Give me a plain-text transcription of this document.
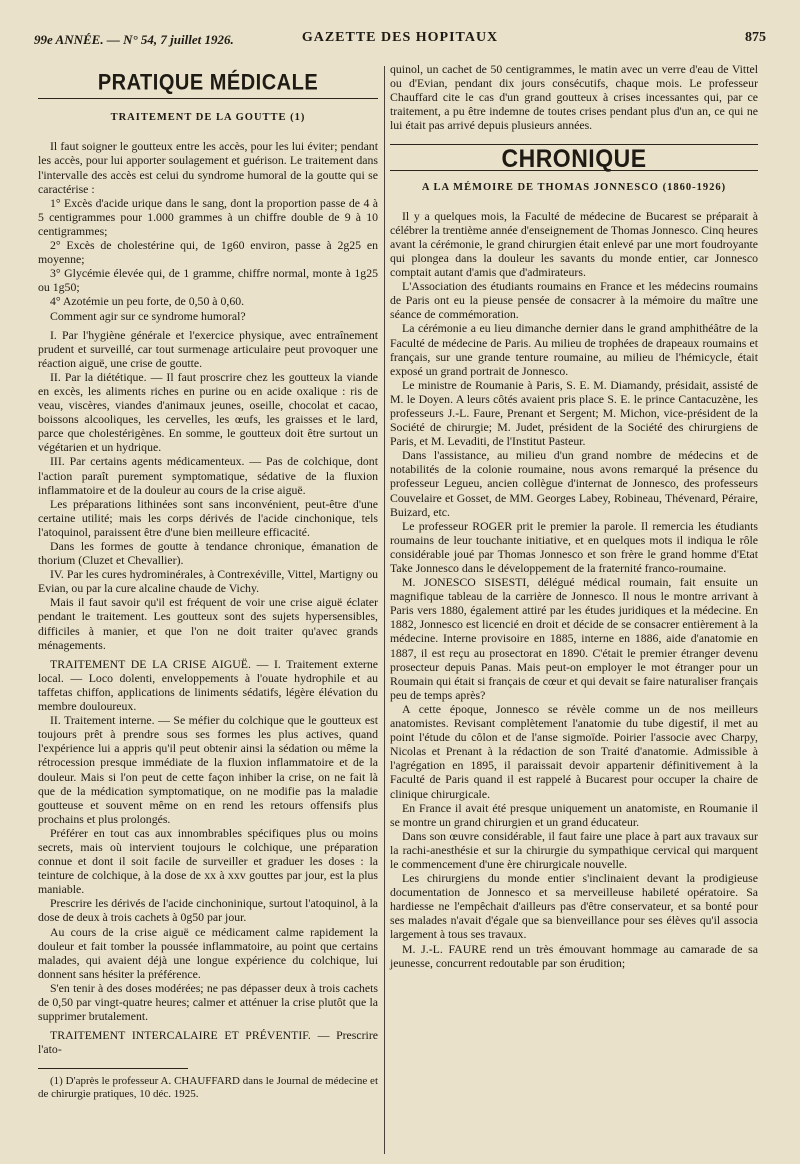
99e ANNÉE. — N° 54, 7 juillet 1926.	GAZETTE DES HOPITAUX	875
PRATIQUE MÉDICALE
TRAITEMENT DE LA GOUTTE (1)

Il faut soigner le goutteux entre les accès, pour les lui éviter; pendant les accès, pour lui apporter soulagement et guérison. Le traitement dans l'intervalle des accès est celui du syndrome humoral de la goutte qui se caractérise :

1° Excès d'acide urique dans le sang, dont la proportion passe de 4 à 5 centigrammes pour 1.000 grammes à un chiffre double de 9 à 10 centigrammes;

2° Excès de cholestérine qui, de 1g60 environ, passe à 2g25 en moyenne;

3° Glycémie élevée qui, de 1 gramme, chiffre normal, monte à 1g25 ou 1g50;

4° Azotémie un peu forte, de 0,50 à 0,60.

Comment agir sur ce syndrome humoral?

I. Par l'hygiène générale et l'exercice physique, avec entraînement prudent et surveillé, car tout surmenage articulaire peut provoquer une réaction aiguë, une crise de goutte.

II. Par la diététique. — Il faut proscrire chez les goutteux la viande en excès, les aliments riches en purine ou en acide oxalique : ris de veau, viscères, viandes d'animaux jeunes, oseille, chocolat et cacao, boissons alcooliques, les cervelles, les œufs, les graisses et le lard, parce que cholestérigènes. En somme, le goutteux doit être surtout un végétarien et un hydrique.

III. Par certains agents médicamenteux. — Pas de colchique, dont l'action paraît purement symptomatique, sédative de la fluxion inflammatoire et de la douleur au cours de la crise aiguë.

Les préparations lithinées sont sans inconvénient, peut-être d'une certaine utilité; mais les corps dérivés de l'acide cinchonique, tels l'atoquinol, paraissent être d'une bien meilleure efficacité.

Dans les formes de goutte à tendance chronique, émanation de thorium (Cluzet et Chevallier).

IV. Par les cures hydrominérales, à Contrexéville, Vittel, Martigny ou Evian, ou par la cure alcaline chaude de Vichy.

Mais il faut savoir qu'il est fréquent de voir une crise aiguë éclater pendant le traitement. Les goutteux sont des sujets hypersensibles, difficiles à manier, et que l'on ne doit traiter qu'avec grands ménagements.

TRAITEMENT DE LA CRISE AIGUË. — I. Traitement externe local. — Loco dolenti, enveloppements à l'ouate hydrophile et au taffetas chiffon, applications de liniments sédatifs, légère élévation du membre douloureux.

II. Traitement interne. — Se méfier du colchique que le goutteux est toujours prêt à prendre sous ses formes les plus actives, quand l'expérience lui a appris qu'il peut obtenir ainsi la sédation ou même la rétrocession presque immédiate de la fluxion inflammatoire et de la douleur. Mais si l'on peut de cette façon inhiber la crise, on ne fait là que de la médication symptomatique, on ne modifie pas la maladie goutteuse et souvent même on en rend les retours offensifs plus prochains et plus prolongés.

Préférer en tout cas aux innombrables spécifiques plus ou moins secrets, mais où intervient toujours le colchique, une préparation connue et dont il soit facile de surveiller et graduer les doses : la teinture de colchique, à la dose de xx à xxv gouttes par jour, est la plus maniable.

Prescrire les dérivés de l'acide cinchoninique, surtout l'atoquinol, à la dose de deux à trois cachets à 0g50 par jour.

Au cours de la crise aiguë ce médicament calme rapidement la douleur et fait tomber la poussée inflammatoire, au point que certains malades, qui avaient déjà une longue expérience du colchique, lui donnent sans hésiter la préférence.

S'en tenir à des doses modérées; ne pas dépasser deux à trois cachets de 0,50 par vingt-quatre heures; calmer et atténuer la crise plutôt que la supprimer brutalement.

TRAITEMENT INTERCALAIRE ET PRÉVENTIF. — Prescrire l'ato-

(1) D'après le professeur A. CHAUFFARD dans le Journal de médecine et de chirurgie pratiques, 10 déc. 1925.

quinol, un cachet de 50 centigrammes, le matin avec un verre d'eau de Vittel ou d'Evian, pendant dix jours consécutifs, chaque mois. Le professeur Chauffard cite le cas d'un grand goutteux à crises incessantes qui, par ce traitement, a pu être indemne de toutes crises pendant plus d'un an, ce qui ne lui était pas arrivé depuis plusieurs années.

CHRONIQUE
A LA MÉMOIRE DE THOMAS JONNESCO (1860-1926)

Il y a quelques mois, la Faculté de médecine de Bucarest se préparait à célébrer la trentième année d'enseignement de Thomas Jonnesco. Cinq heures avant la cérémonie, le grand chirurgien était enlevé par une mort foudroyante qui plongea dans la douleur les savants du monde entier, car Jonnesco comptait autant d'amis que d'admirateurs.

L'Association des étudiants roumains en France et les médecins roumains de Paris ont eu la pieuse pensée de consacrer à la mémoire du maître une séance de commémoration.

La cérémonie a eu lieu dimanche dernier dans le grand amphithéâtre de la Faculté de médecine de Paris. Au milieu de trophées de drapeaux roumains et français, sur une grande tenture roumaine, au milieu de l'hémicycle, était exposé un grand portrait de Jonnesco.

Le ministre de Roumanie à Paris, S. E. M. Diamandy, présidait, assisté de M. le Doyen. A leurs côtés avaient pris place S. E. le prince Cantacuzène, les professeurs J.-L. Faure, Prenant et Sergent; M. Michon, vice-président de la Société de chirurgie; M. Judet, président de la Société des chirurgiens de Paris, et M. Levaditi, de l'Institut Pasteur.

Dans l'assistance, au milieu d'un grand nombre de médecins et de notabilités de la colonie roumaine, nous avons remarqué la présence du professeur Legueu, ancien collègue d'internat de Jonnesco, des professeurs Couvelaire et Gosset, de MM. Georges Labey, Robineau, Thévenard, Péraire, Buizard, etc.

Le professeur ROGER prit le premier la parole. Il remercia les étudiants roumains de leur touchante initiative, et en quelques mots il indiqua le rôle considérable joué par Thomas Jonnesco et son frère le grand homme d'Etat Take Jonnesco dans le développement de la fraternité franco-roumaine.

M. JONESCO SISESTI, délégué médical roumain, fait ensuite un magnifique tableau de la carrière de Jonnesco. Il nous le montre arrivant à Paris vers 1880, également attiré par les études juridiques et la médecine. En 1882, Jonnesco est licencié en droit et décide de se consacrer entièrement à la médecine. Interne provisoire en 1885, interne en 1886, aide d'anatomie en 1887, il est reçu au prosectorat en 1890. C'était le premier étranger devenu prosecteur depuis Panas. Mais peut-on employer le mot étranger pour un Roumain qui était si français de cœur et qui devait se faire naturaliser français peu de temps après?

A cette époque, Jonnesco se révèle comme un de nos meilleurs anatomistes. Revisant complètement l'anatomie du tube digestif, il met au point l'étude du côlon et de l'anse sigmoïde. Poirier l'associe avec Charpy, Nicolas et Prenant à la rédaction de son Traité d'anatomie. Admissible à l'agrégation en 1895, il paraissait devoir appartenir définitivement à la Faculté de Paris quand il est rappelé à Bucarest pour occuper la chaire de clinique chirurgicale.

En France il avait été presque uniquement un anatomiste, en Roumanie il se montre un grand chirurgien et un grand éducateur.

Dans son œuvre considérable, il faut faire une place à part aux travaux sur la rachi-anesthésie et sur la chirurgie du sympathique cervical qui marquent le commencement d'une ère chirurgicale nouvelle.

Les chirurgiens du monde entier s'inclinaient devant la prodigieuse documentation de Jonnesco et sa merveilleuse habileté opératoire. Sa hardiesse ne l'empêchait d'ailleurs pas d'être conservateur, et sa bonté pour ses malades n'avait d'égale que sa bienveillance pour ses élèves qu'il associa largement à tous ses travaux.

M. J.-L. FAURE rend un très émouvant hommage au camarade de sa jeunesse, concurrent redoutable par son érudition;
